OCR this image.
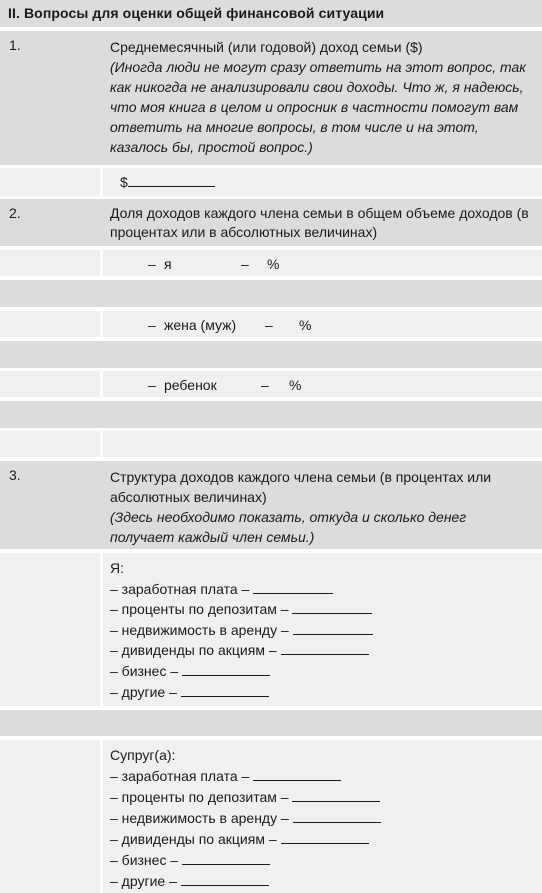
II. Вопросы для оценки общей финансовой ситуации
1.	Среднемесячный (или годовой) доход семьи ($)
(Иногда люди не могут сразу ответить на этот вопрос, так как никогда не анализировали свои доходы. Что ж, я надеюсь, что моя книга в целом и опросник в частности помогут вам ответить на многие вопросы, в том числе и на этот, казалось бы, простой вопрос.)
$
2.	Доля доходов каждого члена семьи в общем объеме доходов (в процентах или в абсолютных величинах)
– я	– %
– жена (муж) – %
– ребенок	– %
3.	Структура доходов каждого члена семьи (в процентах или абсолютных величинах)
(Здесь необходимо показать, откуда и сколько денег получает каждый член семьи.)
Я:
– заработная плата –
– проценты по депозитам –
– недвижимость в аренду –
– дивиденды по акциям –
– бизнес –
– другие –
Супруг(а):
– заработная плата –
– проценты по депозитам –
– недвижимость в аренду –
– дивиденды по акциям –
– бизнес –
– другие –
